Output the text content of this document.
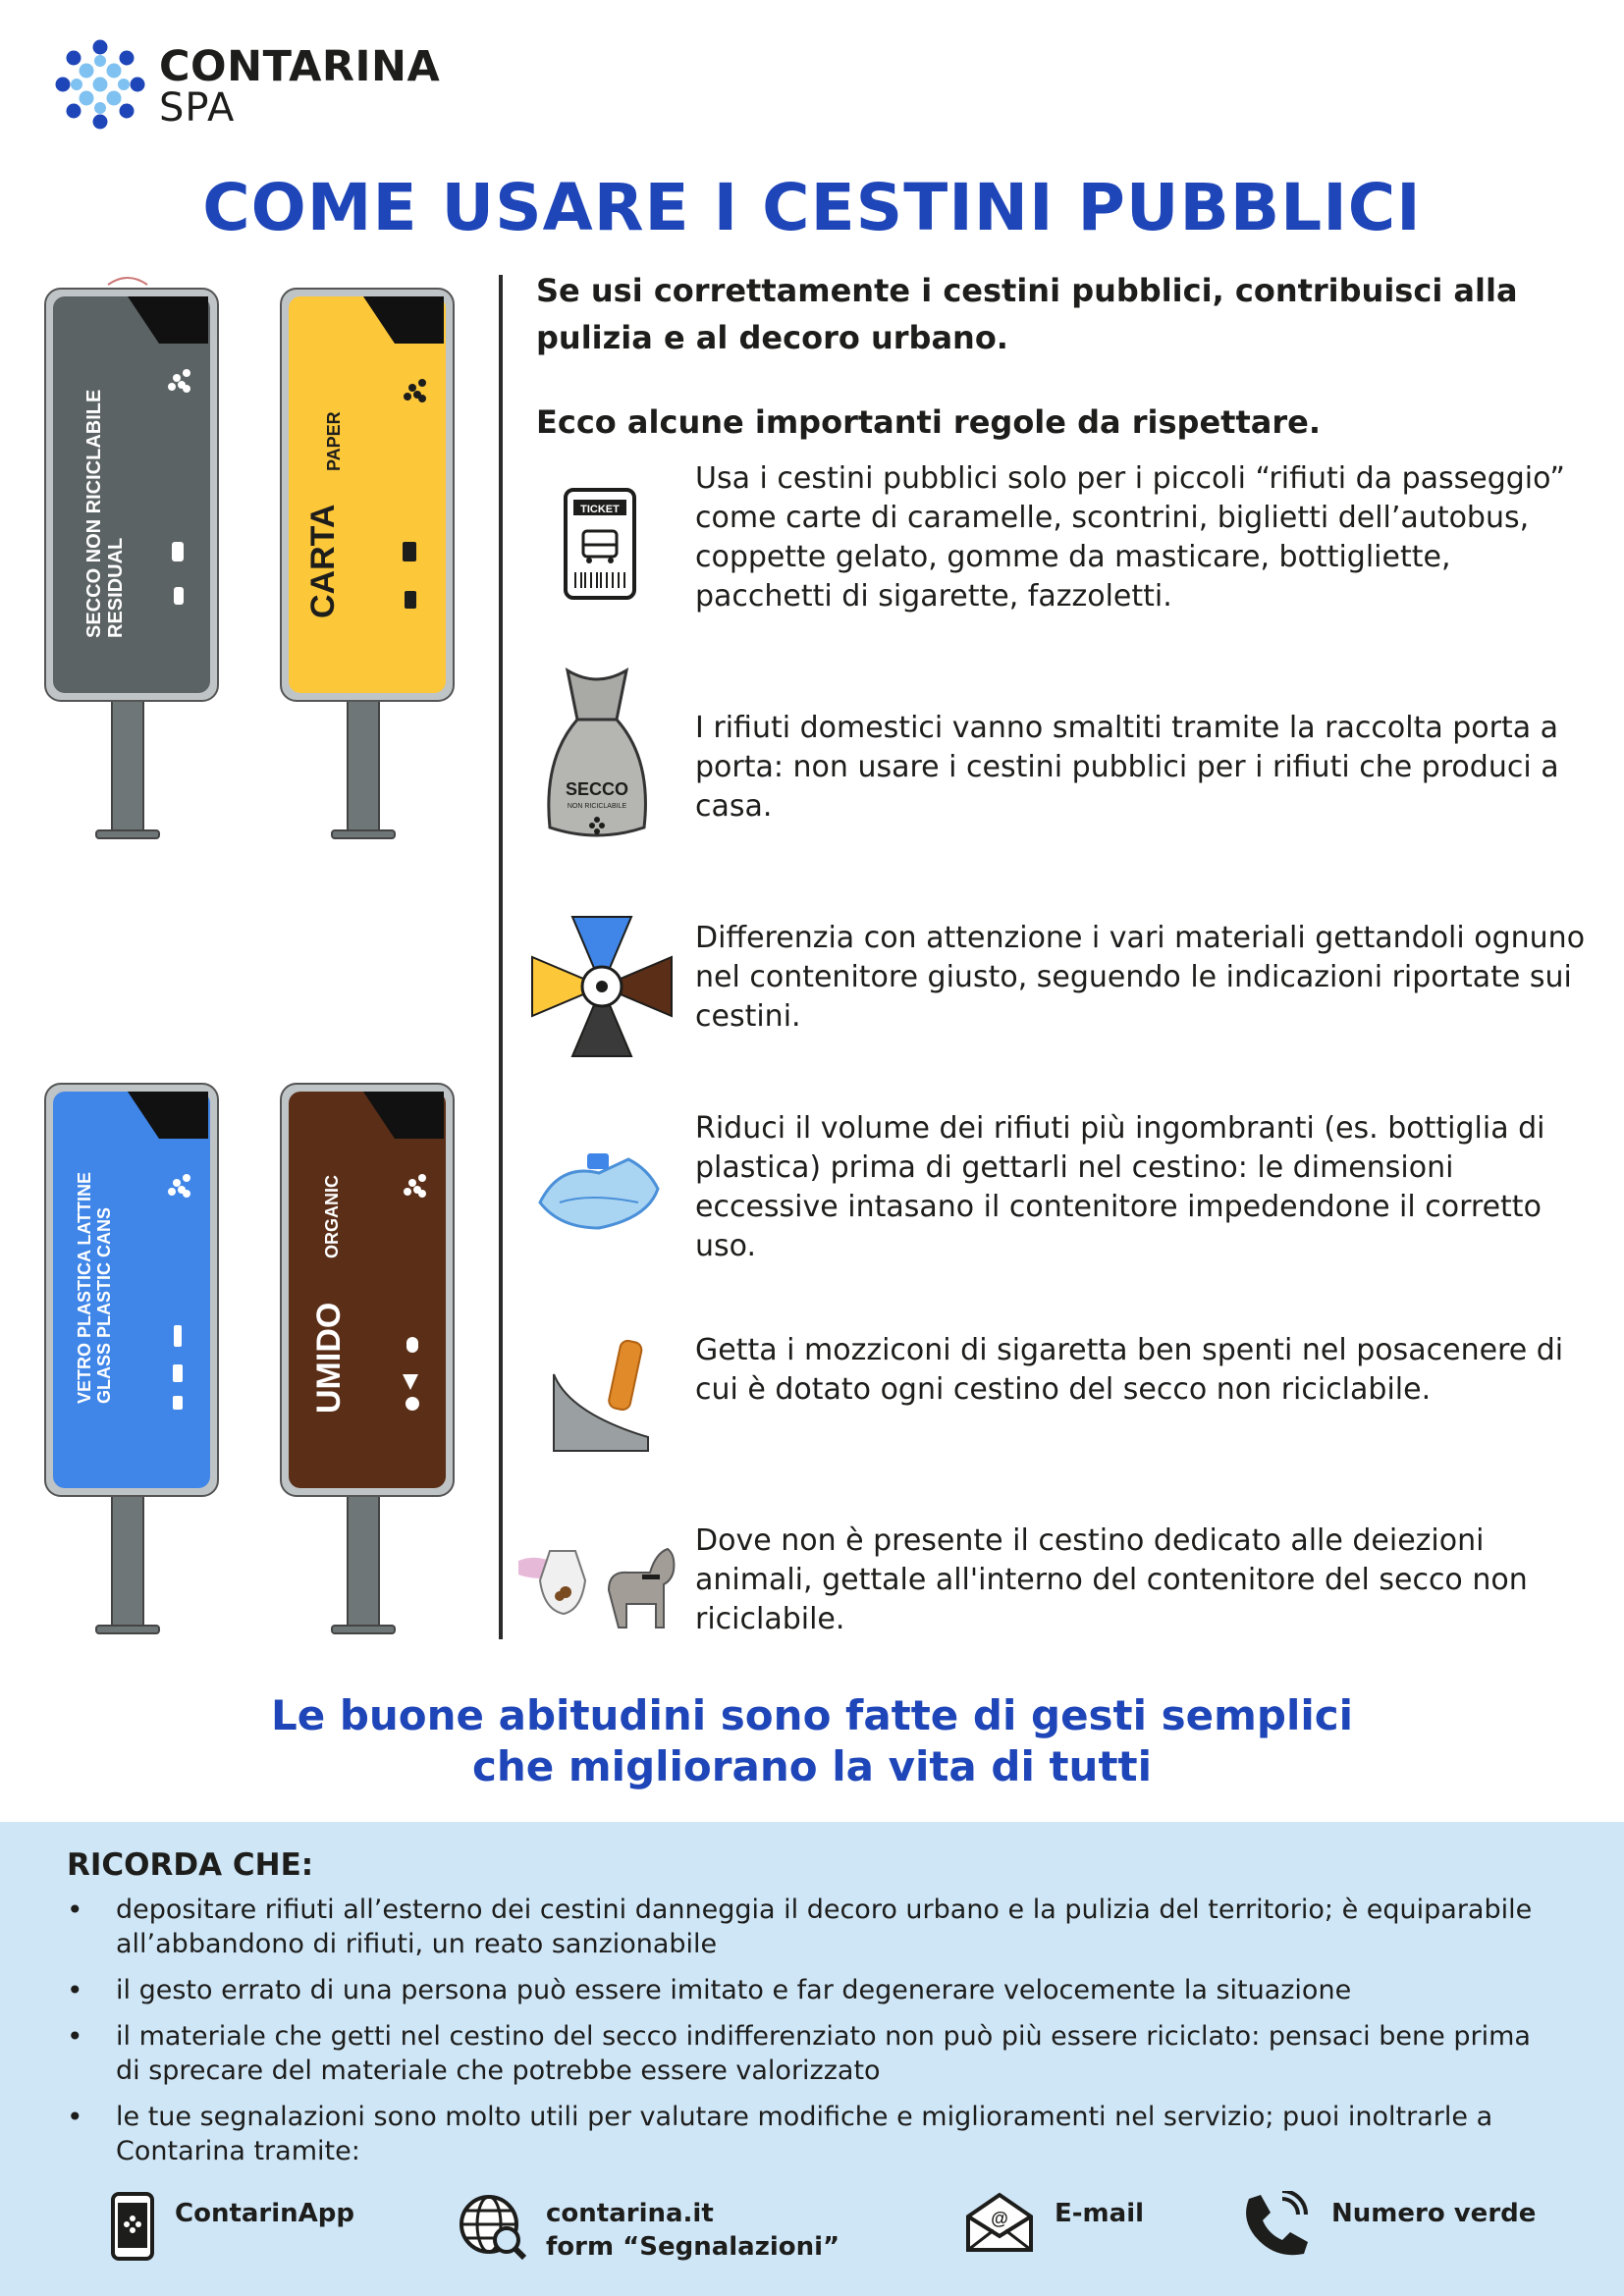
CONTARINA
SPA
COME USARE I CESTINI PUBBLICI
SECCO NON RICICLABILE RESIDUAL	CARTA
PAPER
VETRO PLASTICA LATTINE GLASS PLASTIC CANS	UMIDO
ORGANIC
Se usi correttamente i cestini pubblici, contribuisci alla pulizia e al decoro urbano.
Ecco alcune importanti regole da rispettare.
TICKET
SECCO
NON RICICLABILE
Usa i cestini pubblici solo per i piccoli “rifiuti da passeggio” come carte di caramelle, scontrini, biglietti dell’autobus, coppette gelato, gomme da masticare, bottigliette, pacchetti di sigarette, fazzoletti.
I rifiuti domestici vanno smaltiti tramite la raccolta porta a porta: non usare i cestini pubblici per i rifiuti che produci a casa.
Differenzia con attenzione i vari materiali gettandoli ognuno nel contenitore giusto, seguendo le indicazioni riportate sui cestini.
Riduci il volume dei rifiuti più ingombranti (es. bottiglia di plastica) prima di gettarli nel cestino: le dimensioni eccessive intasano il contenitore impedendone il corretto uso.
Getta i mozziconi di sigaretta ben spenti nel posacenere di cui è dotato ogni cestino del secco non riciclabile.
Dove non è presente il cestino dedicato alle deiezioni animali, gettale all'interno del contenitore del secco non riciclabile.
Le buone abitudini sono fatte di gesti semplici
che migliorano la vita di tutti
RICORDA CHE:
• depositare rifiuti all’esterno dei cestini danneggia il decoro urbano e la pulizia del territorio; è equiparabile all’abbandono di rifiuti, un reato sanzionabile
• il gesto errato di una persona può essere imitato e far degenerare velocemente la situazione
• il materiale che getti nel cestino del secco indifferenziato non può più essere riciclato: pensaci bene prima di sprecare del materiale che potrebbe essere valorizzato
• le tue segnalazioni sono molto utili per valutare modifiche e miglioramenti nel servizio; puoi inoltrarle a Contarina tramite:
ContarinApp	contarina.it
form “Segnalazioni”
@ E-mail	Numero verde
